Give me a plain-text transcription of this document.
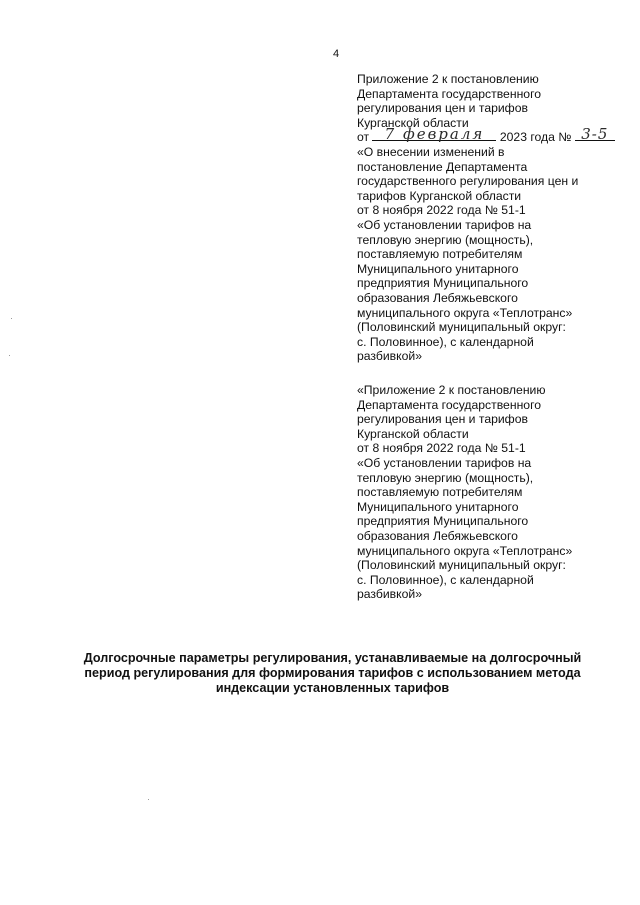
4
Приложение 2 к постановлению
Департамента государственного
регулирования цен и тарифов
Курганской области
от 7 февраля 2023 года № 3-5
«О внесении изменений в
постановление Департамента
государственного регулирования цен и
тарифов Курганской области
от 8 ноября 2022 года № 51-1
«Об установлении тарифов на
тепловую энергию (мощность),
поставляемую потребителям
Муниципального унитарного
предприятия Муниципального
образования Лебяжьевского
муниципального округа «Теплотранс»
(Половинский муниципальный округ:
с. Половинное), с календарной
разбивкой»
«Приложение 2 к постановлению
Департамента государственного
регулирования цен и тарифов
Курганской области
от 8 ноября 2022 года № 51-1
«Об установлении тарифов на
тепловую энергию (мощность),
поставляемую потребителям
Муниципального унитарного
предприятия Муниципального
образования Лебяжьевского
муниципального округа «Теплотранс»
(Половинский муниципальный округ:
с. Половинное), с календарной
разбивкой»
Долгосрочные параметры регулирования, устанавливаемые на долгосрочный
период регулирования для формирования тарифов с использованием метода
индексации установленных тарифов
